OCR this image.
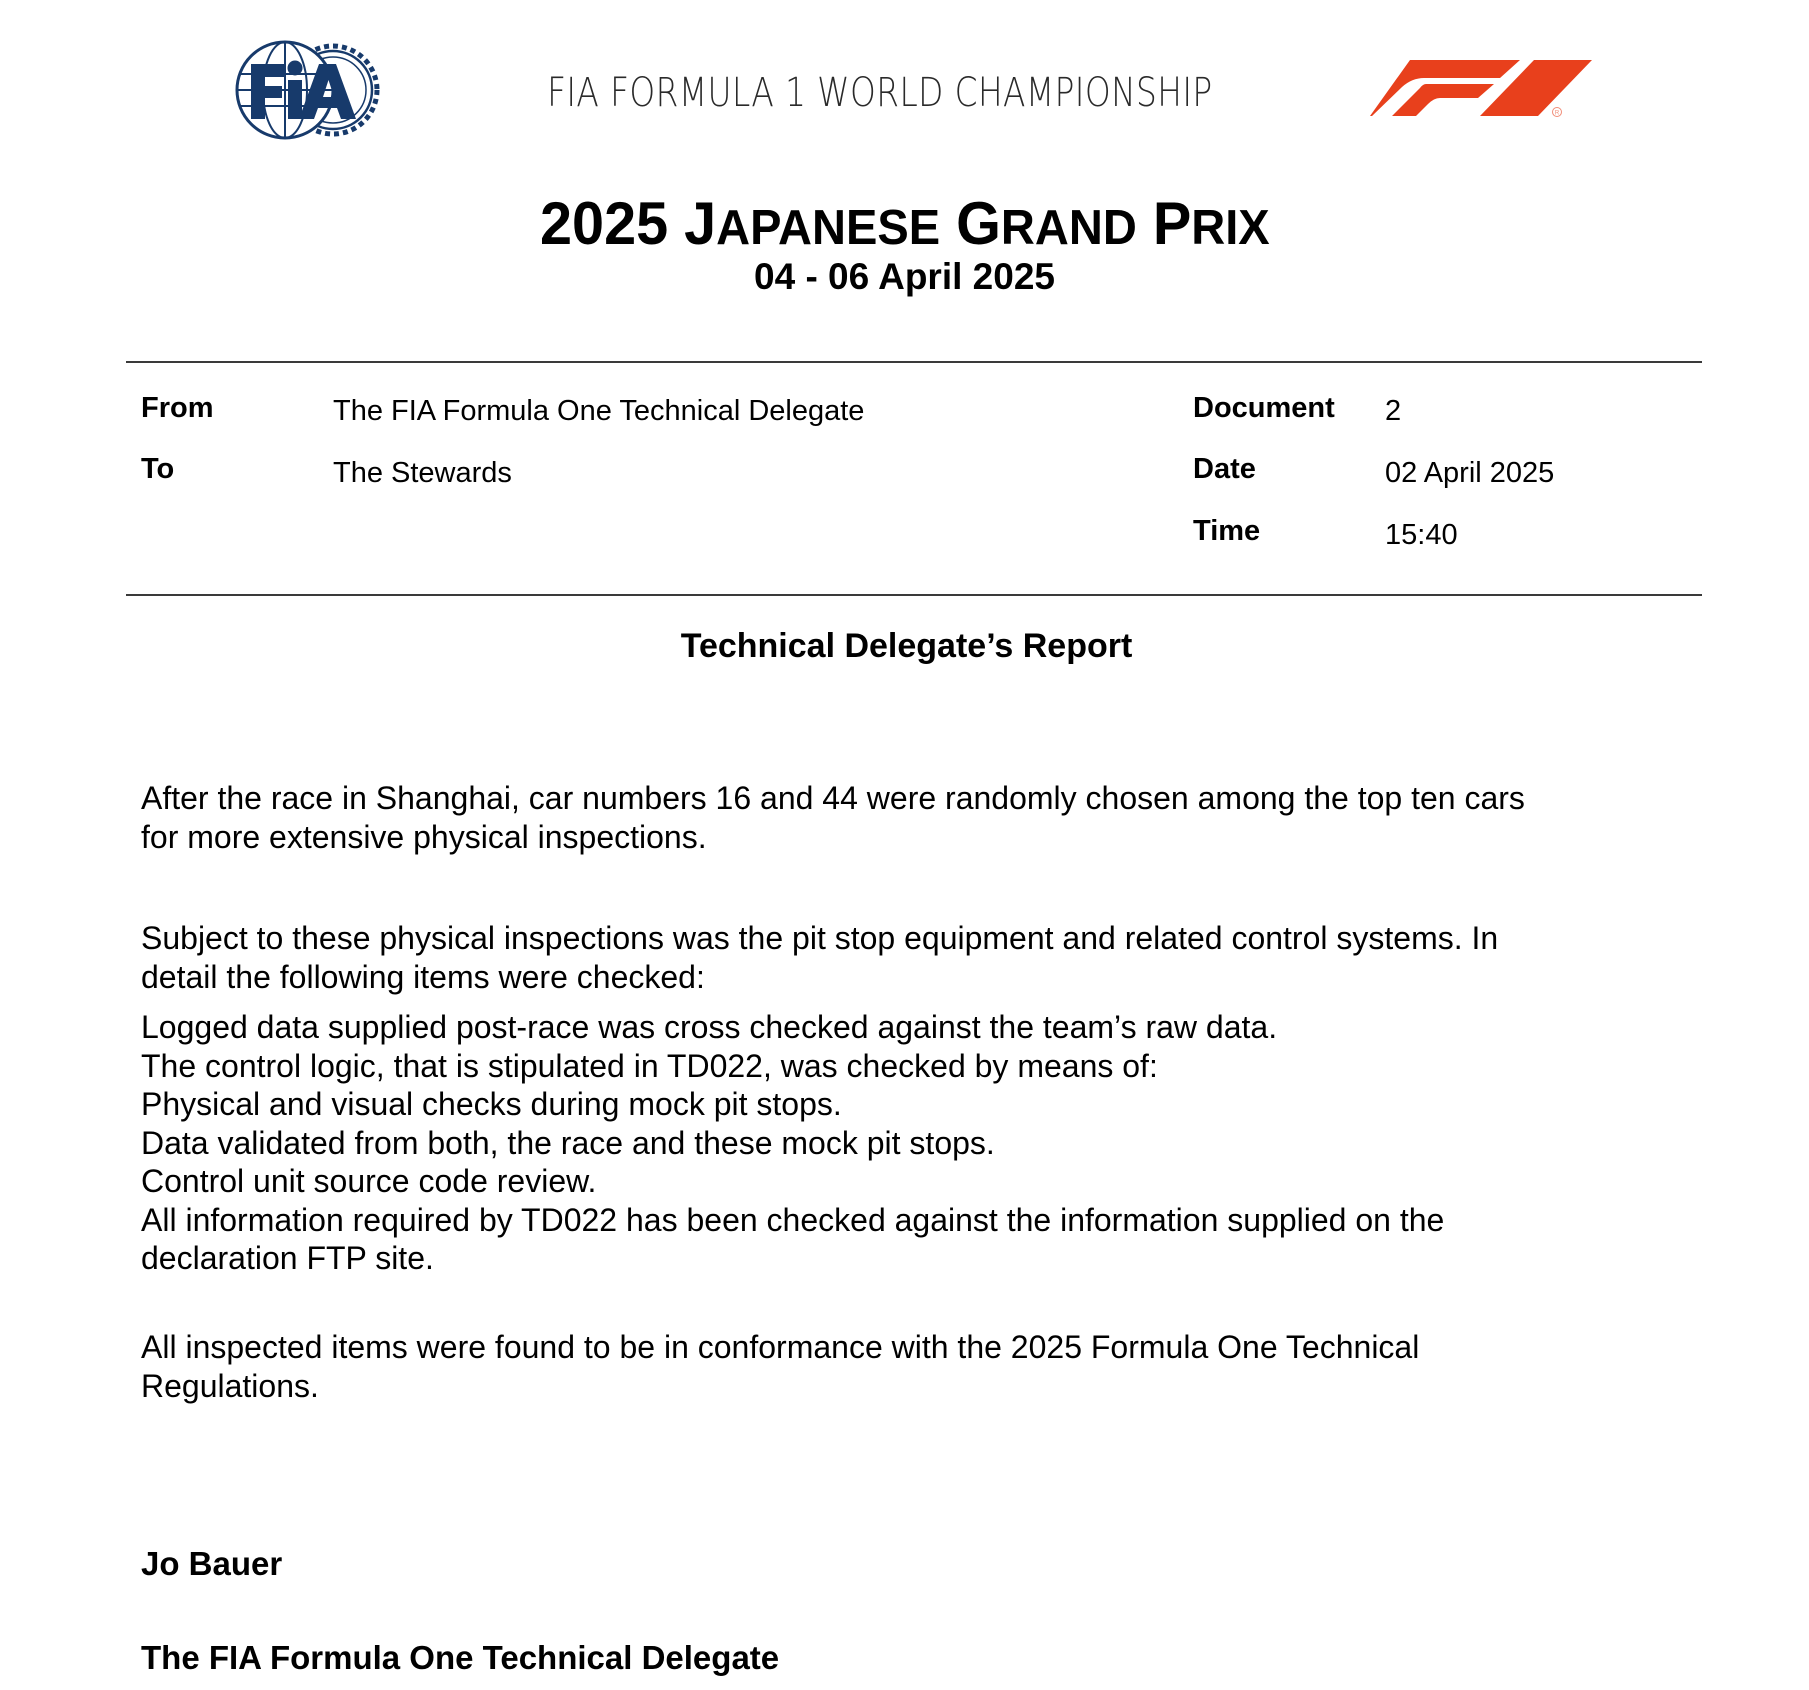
FIA FORMULA 1 WORLD CHAMPIONSHIP	R
2025 JAPANESE GRAND PRIX
04 - 06 April 2025
From	The FIA Formula One Technical Delegate
To	The Stewards
Document 2
Date	02 April 2025
Time	15:40
Technical Delegate’s Report

After the race in Shanghai, car numbers 16 and 44 were randomly chosen among the top ten cars

for more extensive physical inspections.

Subject to these physical inspections was the pit stop equipment and related control systems. In

detail the following items were checked:

Logged data supplied post-race was cross checked against the team’s raw data.

The control logic, that is stipulated in TD022, was checked by means of:

Physical and visual checks during mock pit stops.

Data validated from both, the race and these mock pit stops.

Control unit source code review.

All information required by TD022 has been checked against the information supplied on the

declaration FTP site.

All inspected items were found to be in conformance with the 2025 Formula One Technical

Regulations.

Jo Bauer
The FIA Formula One Technical Delegate
